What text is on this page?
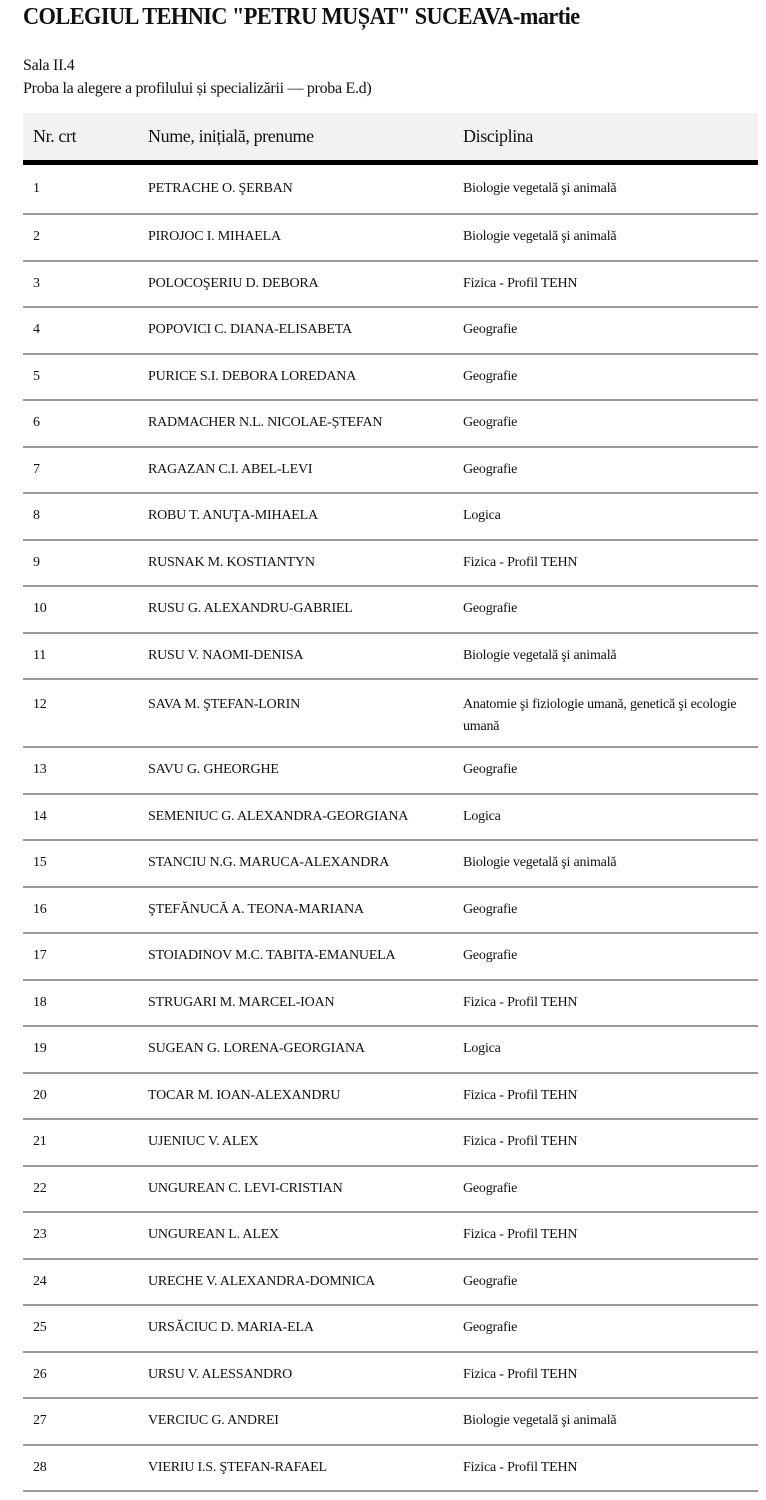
COLEGIUL TEHNIC "PETRU MUȘAT" SUCEAVA-martie
Sala II.4
Proba la alegere a profilului și specializării — proba E.d)
Nr. crt	Nume, inițială, prenume	Disciplina
1	PETRACHE O. ŞERBAN	Biologie vegetală şi animală
2	PIROJOC I. MIHAELA	Biologie vegetală şi animală
3	POLOCOŞERIU D. DEBORA	Fizica - Profil TEHN
4	POPOVICI C. DIANA-ELISABETA	Geografie
5	PURICE S.I. DEBORA LOREDANA	Geografie
6	RADMACHER N.L. NICOLAE-ȘTEFAN	Geografie
7	RAGAZAN C.I. ABEL-LEVI	Geografie
8	ROBU T. ANUŢA-MIHAELA	Logica
9	RUSNAK M. KOSTIANTYN	Fizica - Profil TEHN
10	RUSU G. ALEXANDRU-GABRIEL	Geografie
11	RUSU V. NAOMI-DENISA	Biologie vegetală şi animală
12	SAVA M. ŞTEFAN-LORIN	Anatomie şi fiziologie umană, genetică şi ecologie umană
13	SAVU G. GHEORGHE	Geografie
14	SEMENIUC G. ALEXANDRA-GEORGIANA	Logica
15	STANCIU N.G. MARUCA-ALEXANDRA	Biologie vegetală şi animală
16	ŞTEFĂNUCĂ A. TEONA-MARIANA	Geografie
17	STOIADINOV M.C. TABITA-EMANUELA	Geografie
18	STRUGARI M. MARCEL-IOAN	Fizica - Profil TEHN
19	SUGEAN G. LORENA-GEORGIANA	Logica
20	TOCAR M. IOAN-ALEXANDRU	Fizica - Profil TEHN
21	UJENIUC V. ALEX	Fizica - Profil TEHN
22	UNGUREAN C. LEVI-CRISTIAN	Geografie
23	UNGUREAN L. ALEX	Fizica - Profil TEHN
24	URECHE V. ALEXANDRA-DOMNICA	Geografie
25	URSĂCIUC D. MARIA-ELA	Geografie
26	URSU V. ALESSANDRO	Fizica - Profil TEHN
27	VERCIUC G. ANDREI	Biologie vegetală şi animală
28	VIERIU I.S. ŞTEFAN-RAFAEL	Fizica - Profil TEHN
